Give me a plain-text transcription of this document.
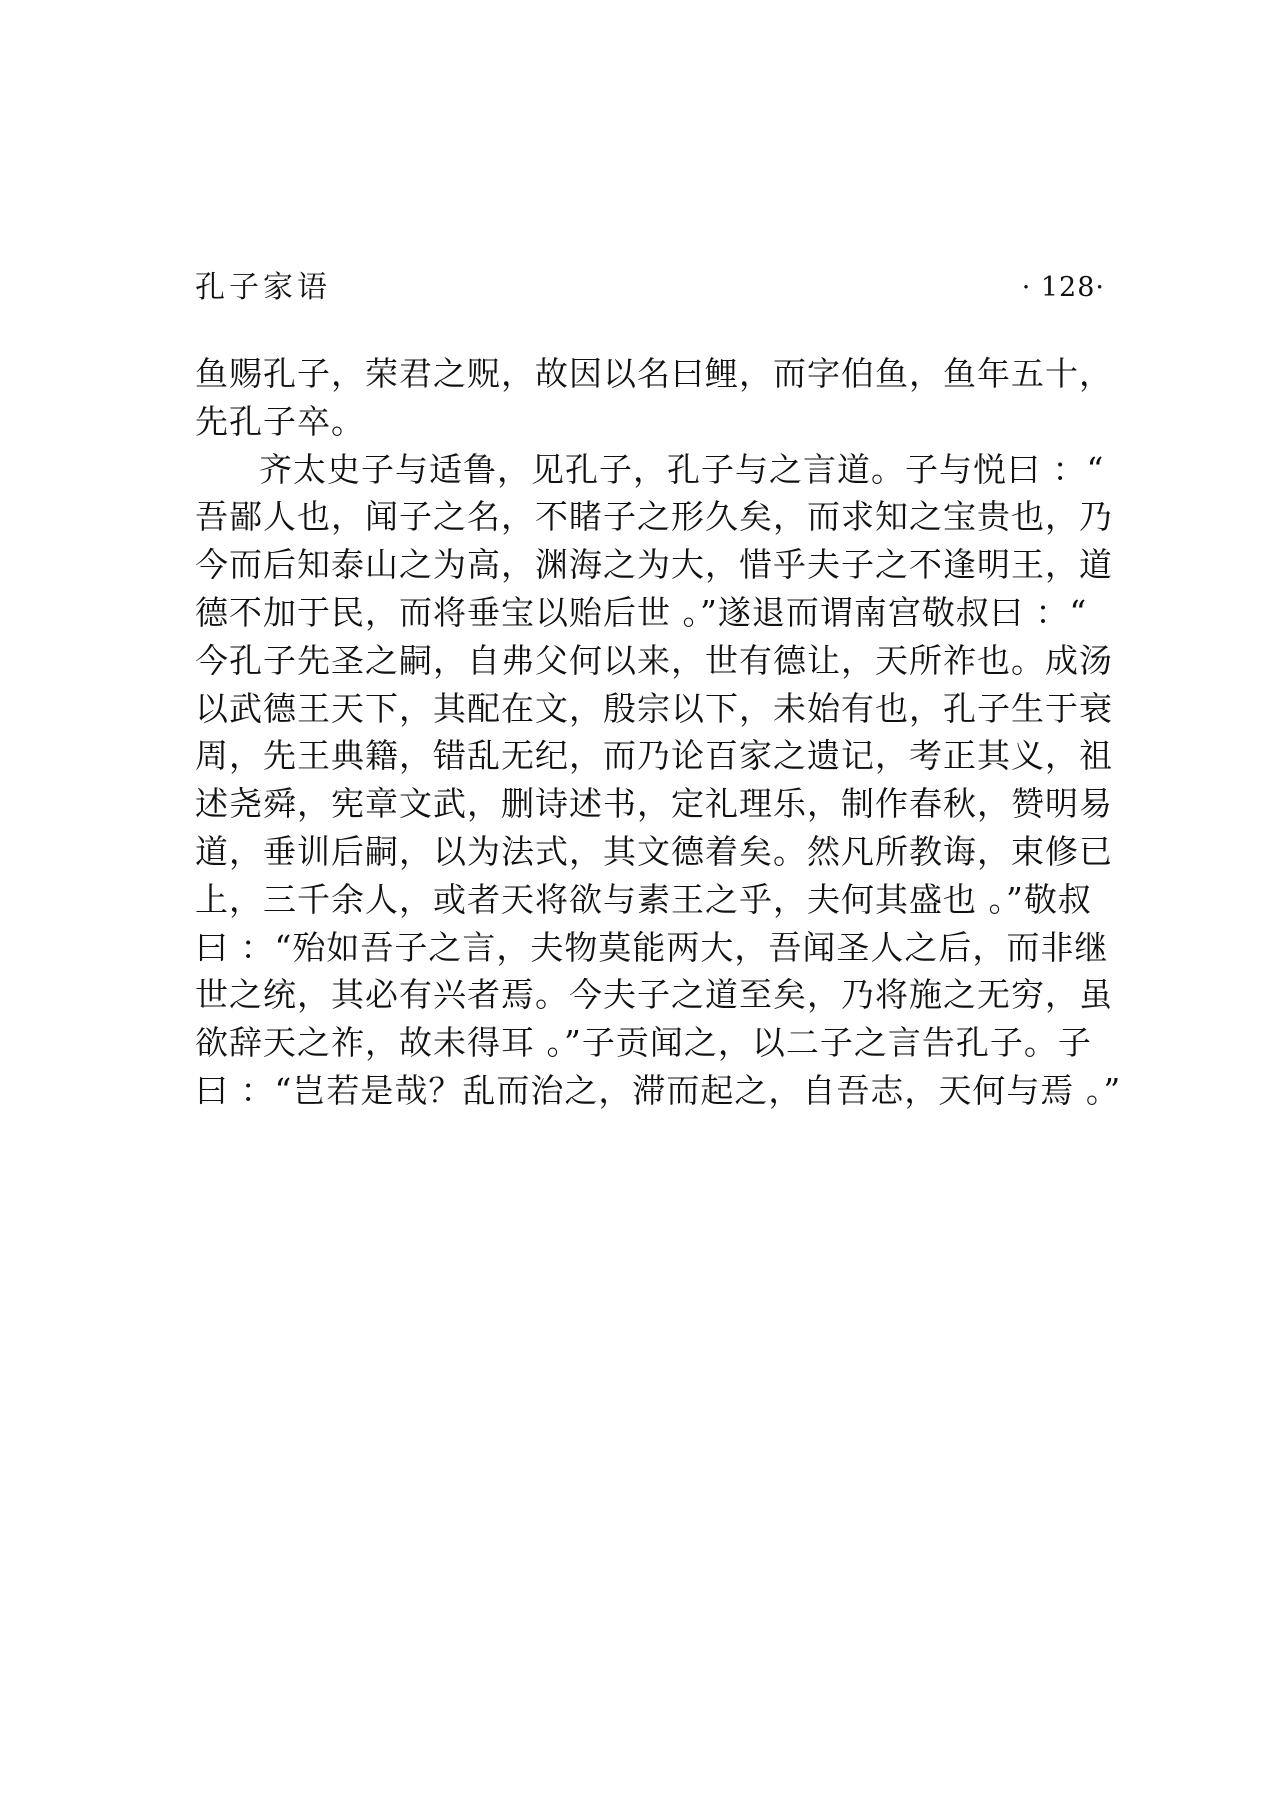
孔子家语	· 128·
鱼赐孔子，荣君之贶，故因以名曰鲤，而字伯鱼，鱼年五十，
先孔子卒。
齐太史子与适鲁，见孔子，孔子与之言道。子与悦曰 ：“
吾鄙人也，闻子之名，不睹子之形久矣，而求知之宝贵也，乃
今而后知泰山之为高，渊海之为大，惜乎夫子之不逢明王，道
德不加于民，而将垂宝以贻后世 。”遂退而谓南宫敬叔曰 ：“
今孔子先圣之嗣，自弗父何以来，世有德让，天所祚也。成汤
以武德王天下，其配在文，殷宗以下，未始有也，孔子生于衰
周，先王典籍，错乱无纪，而乃论百家之遗记，考正其义，祖
述尧舜，宪章文武，删诗述书，定礼理乐，制作春秋，赞明易
道，垂训后嗣，以为法式，其文德着矣。然凡所教诲，束修已
上，三千余人，或者天将欲与素王之乎，夫何其盛也 。”敬叔
曰 ：“殆如吾子之言，夫物莫能两大，吾闻圣人之后，而非继
世之统，其必有兴者焉。今夫子之道至矣，乃将施之无穷，虽
欲辞天之祚，故未得耳 。”子贡闻之，以二子之言告孔子。子
曰 ：“岂若是哉？乱而治之，滞而起之，自吾志，天何与焉 。”
